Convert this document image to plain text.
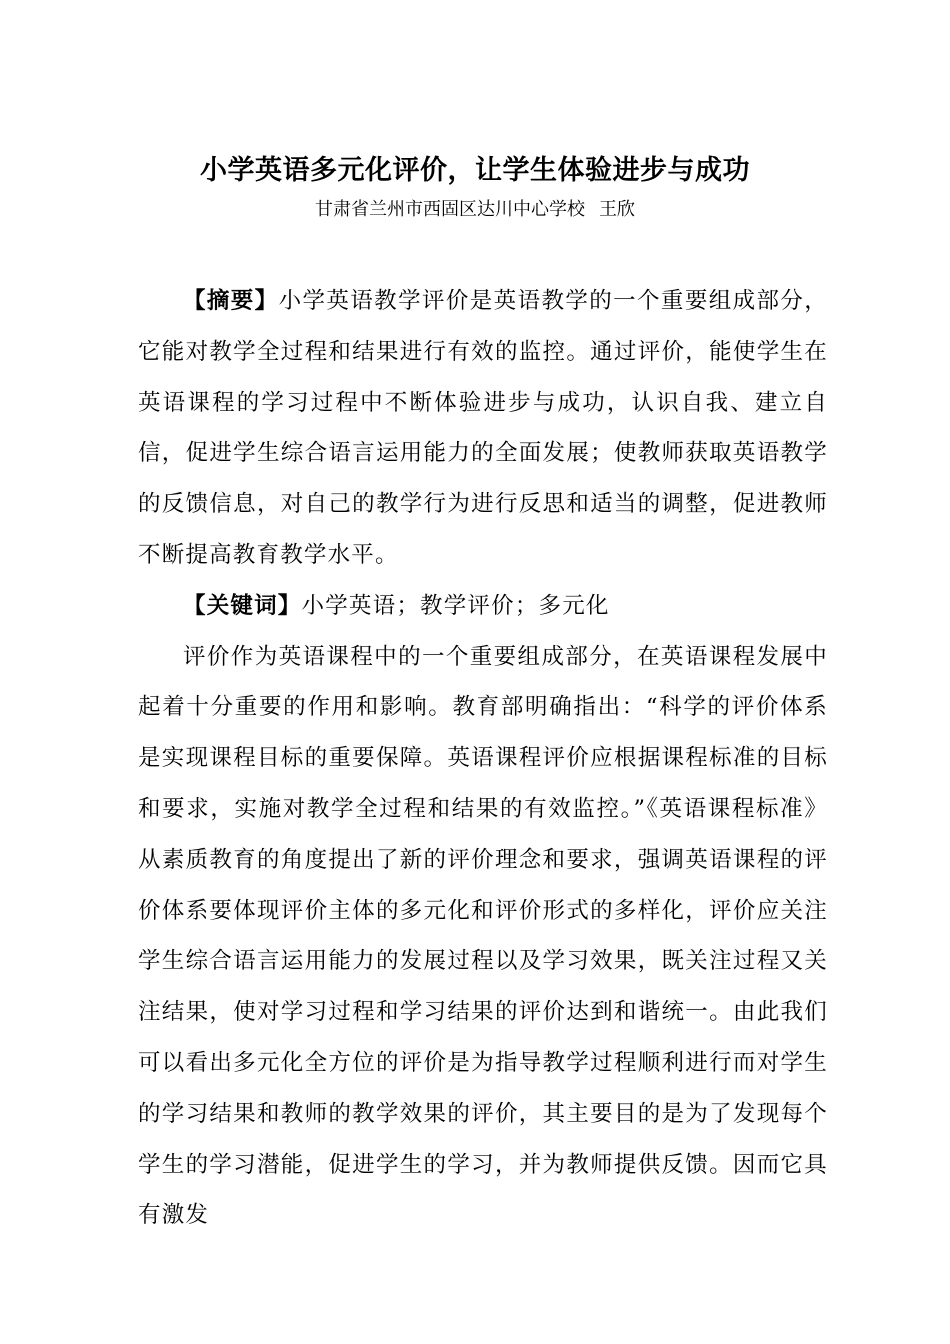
小学英语多元化评价，让学生体验进步与成功
甘肃省兰州市西固区达川中心学校 王欣

【摘要】小学英语教学评价是英语教学的一个重要组成部分，它能对教学全过程和结果进行有效的监控。通过评价，能使学生在英语课程的学习过程中不断体验进步与成功，认识自我、建立自信，促进学生综合语言运用能力的全面发展；使教师获取英语教学的反馈信息，对自己的教学行为进行反思和适当的调整，促进教师不断提高教育教学水平。

【关键词】小学英语；教学评价；多元化

评价作为英语课程中的一个重要组成部分，在英语课程发展中起着十分重要的作用和影响。教育部明确指出：“科学的评价体系是实现课程目标的重要保障。英语课程评价应根据课程标准的目标和要求，实施对教学全过程和结果的有效监控。”《英语课程标准》从素质教育的角度提出了新的评价理念和要求，强调英语课程的评价体系要体现评价主体的多元化和评价形式的多样化，评价应关注学生综合语言运用能力的发展过程以及学习效果，既关注过程又关注结果，使对学习过程和学习结果的评价达到和谐统一。由此我们可以看出多元化全方位的评价是为指导教学过程顺利进行而对学生的学习结果和教师的教学效果的评价，其主要目的是为了发现每个学生的学习潜能，促进学生的学习，并为教师提供反馈。因而它具有激发
